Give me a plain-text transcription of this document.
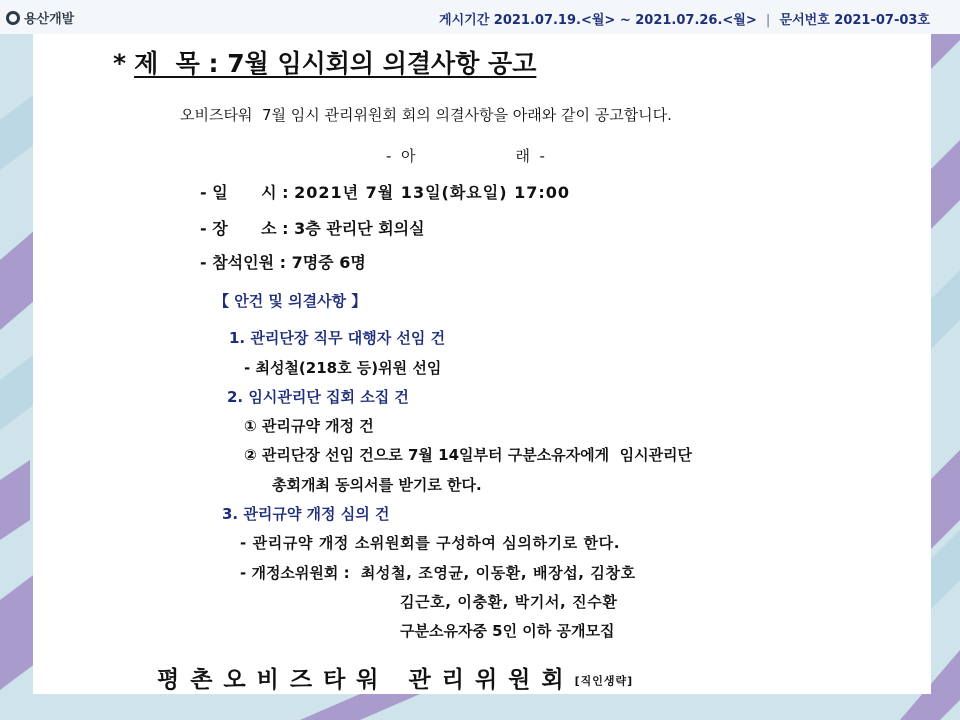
용산개발	게시기간 2021.07.19.<월> ~ 2021.07.26.<월> | 문서번호 2021-07-03호
* 제  목 : 7월 임시회의 의결사항 공고
오비즈타워  7월 임시 관리위원회 회의 의결사항을 아래와 같이 공고합니다.
-  아	래  -
- 일      시 : 2021년 7월 13일(화요일) 17:00
- 장      소 : 3층 관리단 회의실
- 참석인원 : 7명중 6명
【 안건 및 의결사항 】
1. 관리단장 직무 대행자 선임 건
- 최성철(218호 등)위원 선임
2. 임시관리단 집회 소집 건
① 관리규약 개정 건
② 관리단장 선임 건으로 7월 14일부터 구분소유자에게  임시관리단
총회개최 동의서를 받기로 한다.
3. 관리규약 개정 심의 건
- 관리규약 개정 소위원회를 구성하여 심의하기로 한다.
- 개정소위원회 : 최성철, 조영균, 이동환, 배장섭, 김창호
김근호, 이충환, 박기서, 진수환
구분소유자중 5인 이하 공개모집
평촌오비즈타워 관리위원회[직인생략]
